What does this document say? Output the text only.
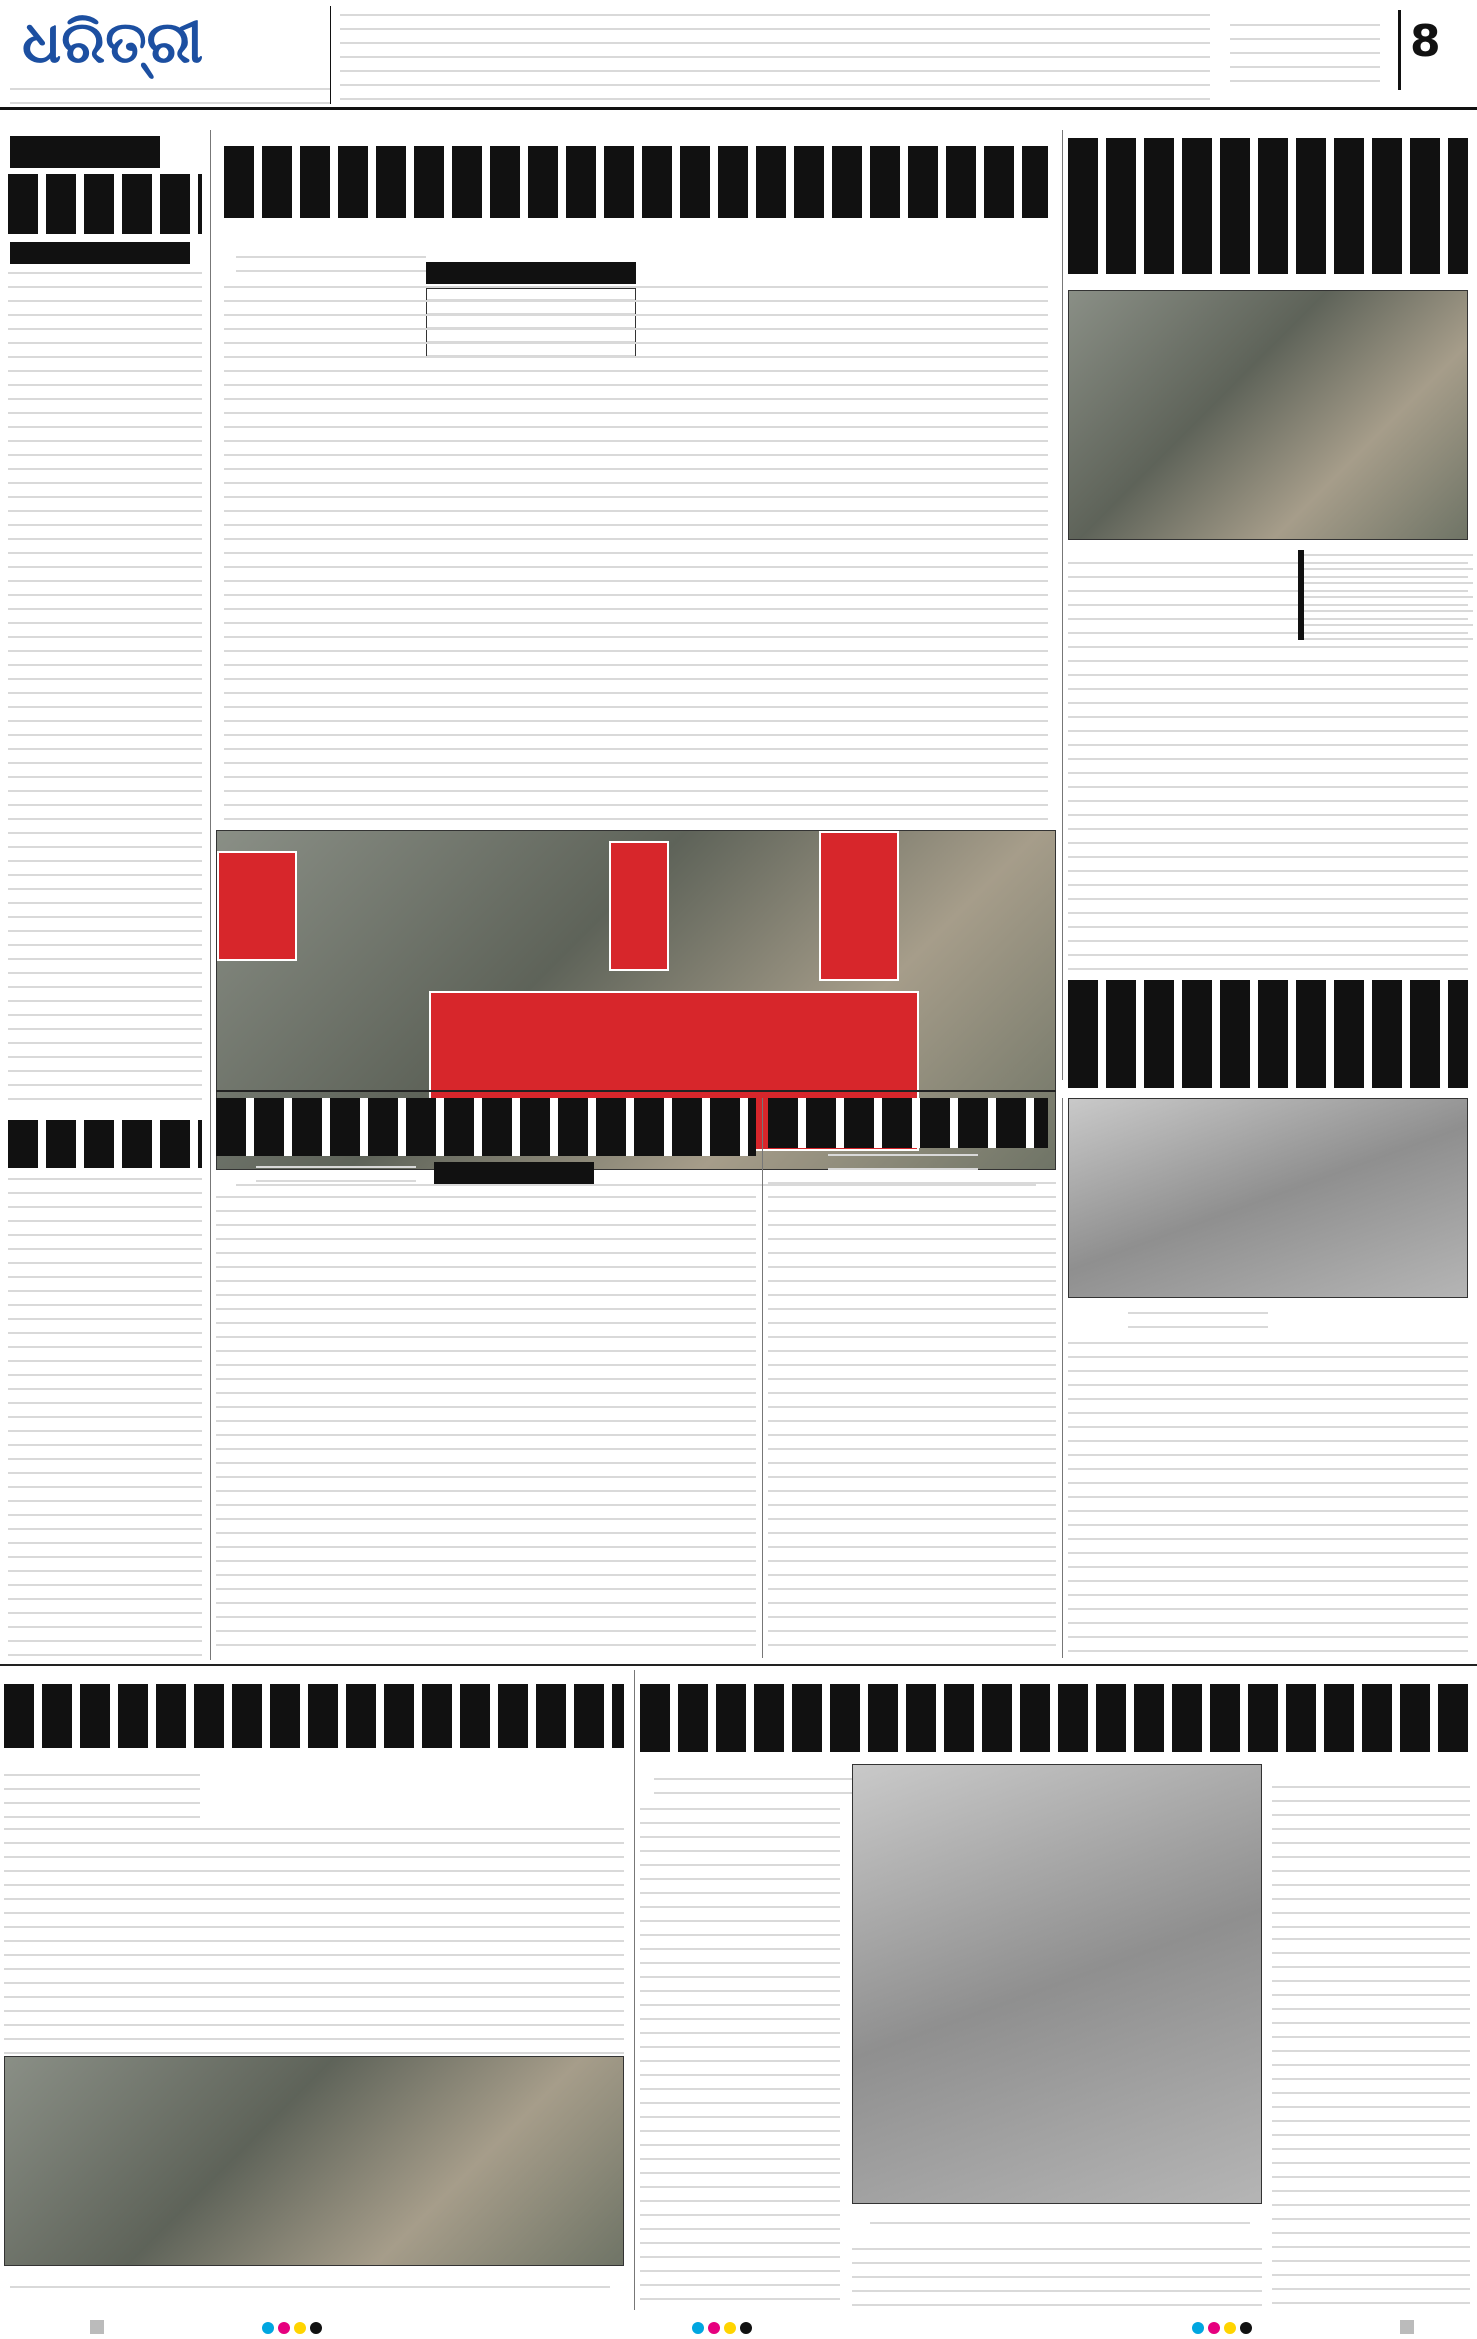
ଧରିତ୍ରୀ	8
